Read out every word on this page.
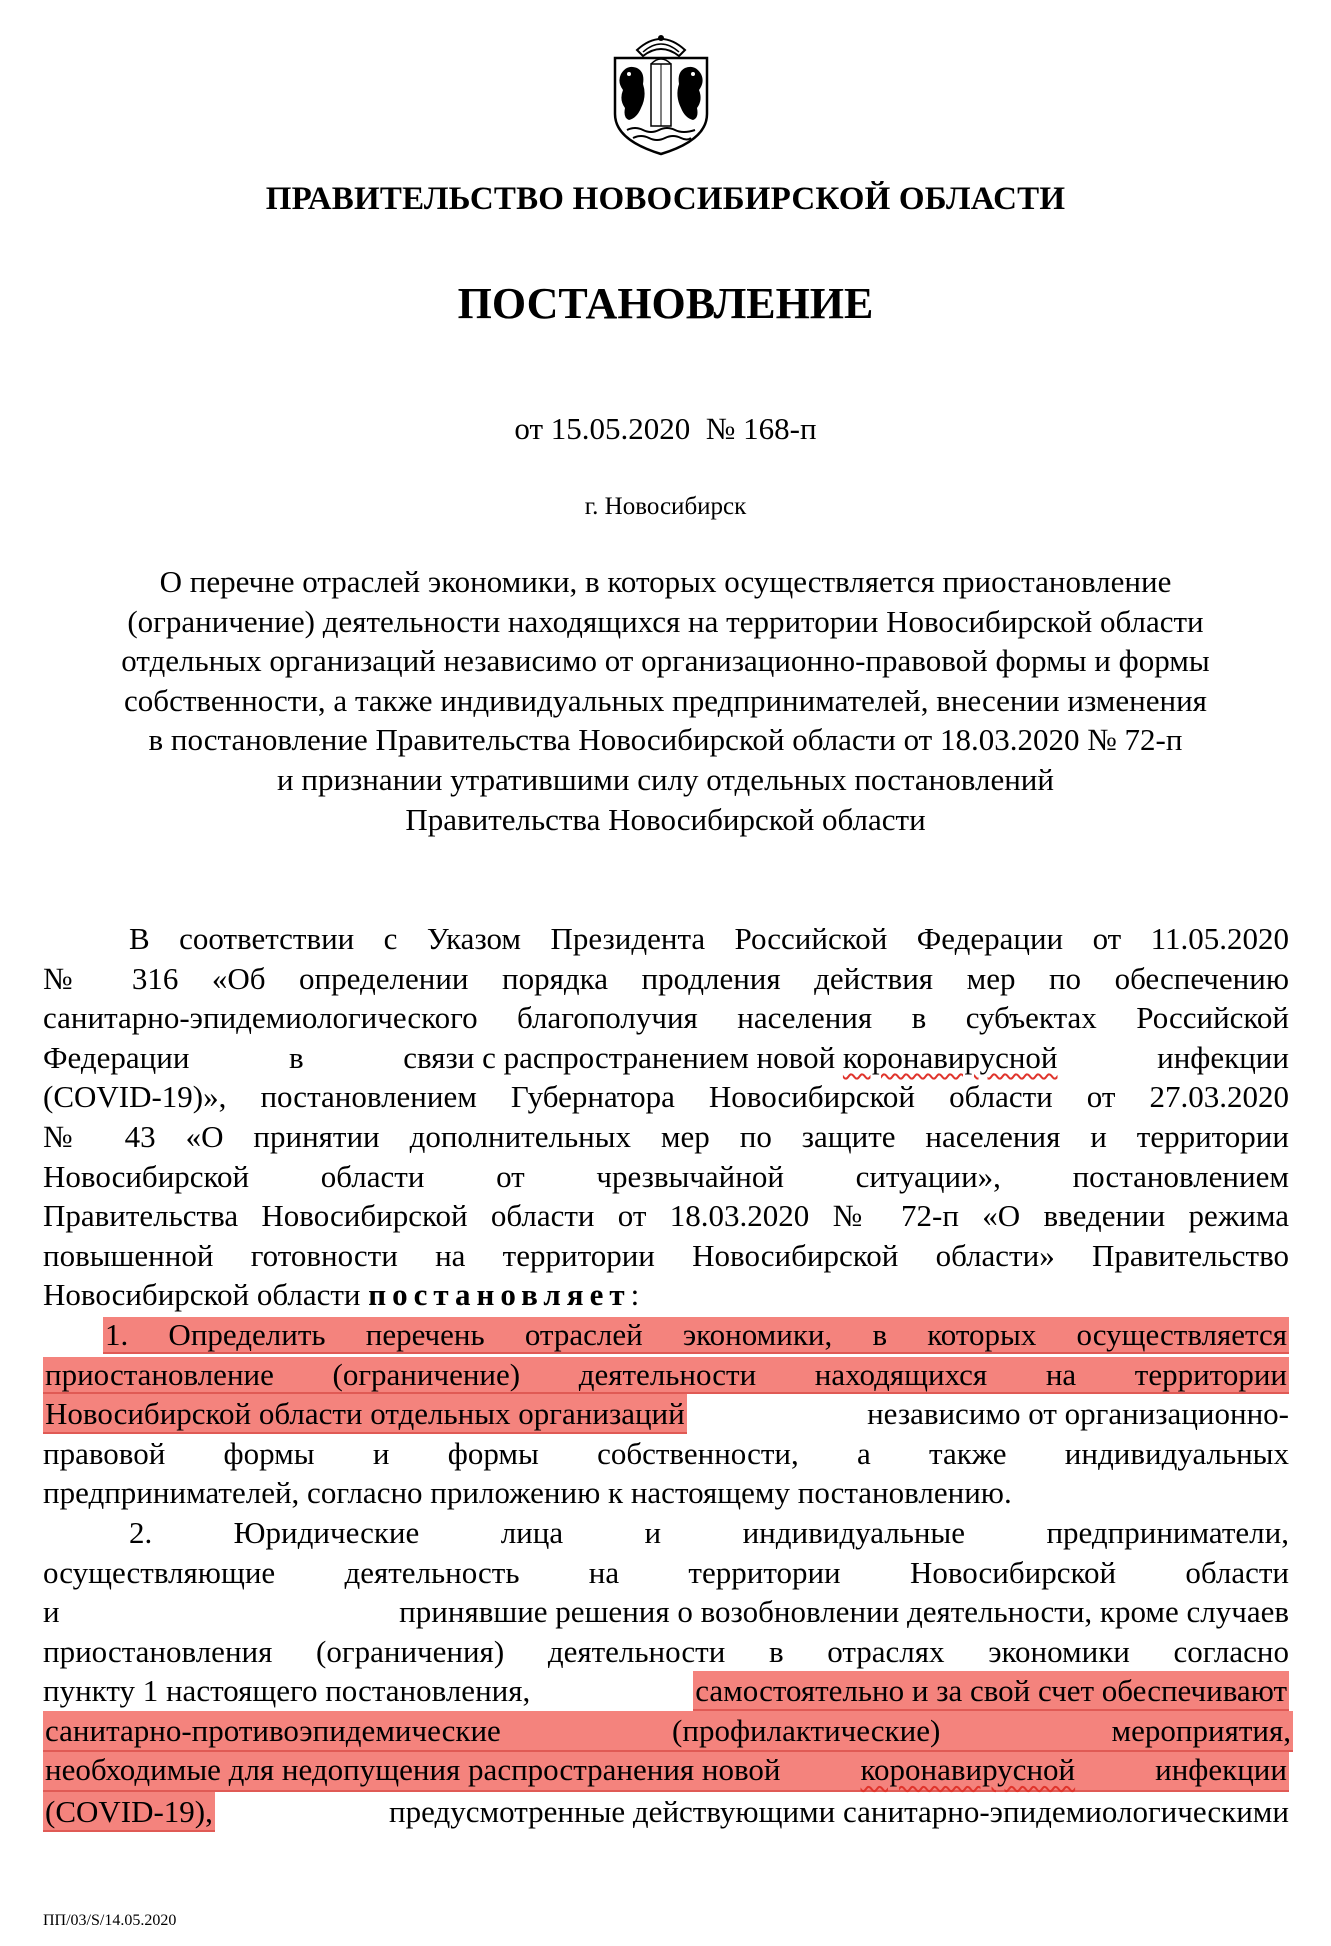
ПРАВИТЕЛЬСТВО НОВОСИБИРСКОЙ ОБЛАСТИ
ПОСТАНОВЛЕНИЕ
от 15.05.2020  № 168-п
г. Новосибирск
О перечне отраслей экономики, в которых осуществляется приостановление
(ограничение) деятельности находящихся на территории Новосибирской области
отдельных организаций независимо от организационно-правовой формы и формы
собственности, а также индивидуальных предпринимателей, внесении изменения
в постановление Правительства Новосибирской области от 18.03.2020 № 72-п
и признании утратившими силу отдельных постановлений
Правительства Новосибирской области
В соответствии с Указом Президента Российской Федерации от 11.05.2020
№ 316 «Об определении порядка продления действия мер по обеспечению
санитарно-эпидемиологического благополучия населения в субъектах Российской
Федерации	в	связи с распространением новой коронавирусной	инфекции
(COVID-19)», постановлением Губернатора Новосибирской области от 27.03.2020
№ 43 «О принятии дополнительных мер по защите населения и территории
Новосибирской области от чрезвычайной ситуации», постановлением
Правительства Новосибирской области от 18.03.2020 № 72-п «О введении режима
повышенной готовности на территории Новосибирской области» Правительство
Новосибирской области постановляет:
1. Определить перечень отраслей экономики, в которых осуществляется
приостановление (ограничение) деятельности находящихся на территории
Новосибирской области отдельных организаций	независимо от организационно-
правовой формы и формы собственности, а также индивидуальных
предпринимателей, согласно приложению к настоящему постановлению.
2. Юридические лица и индивидуальные предприниматели,
осуществляющие деятельность на территории Новосибирской области
и	принявшие решения о возобновлении деятельности, кроме случаев
приостановления (ограничения) деятельности в отраслях экономики согласно
пункту 1 настоящего постановления,	самостоятельно и за свой счет обеспечивают
санитарно-противоэпидемические (профилактические) мероприятия,
необходимые для недопущения распространения новой	коронавирусной	инфекции
(COVID-19),	предусмотренные действующими санитарно-эпидемиологическими
ПП/03/S/14.05.2020
